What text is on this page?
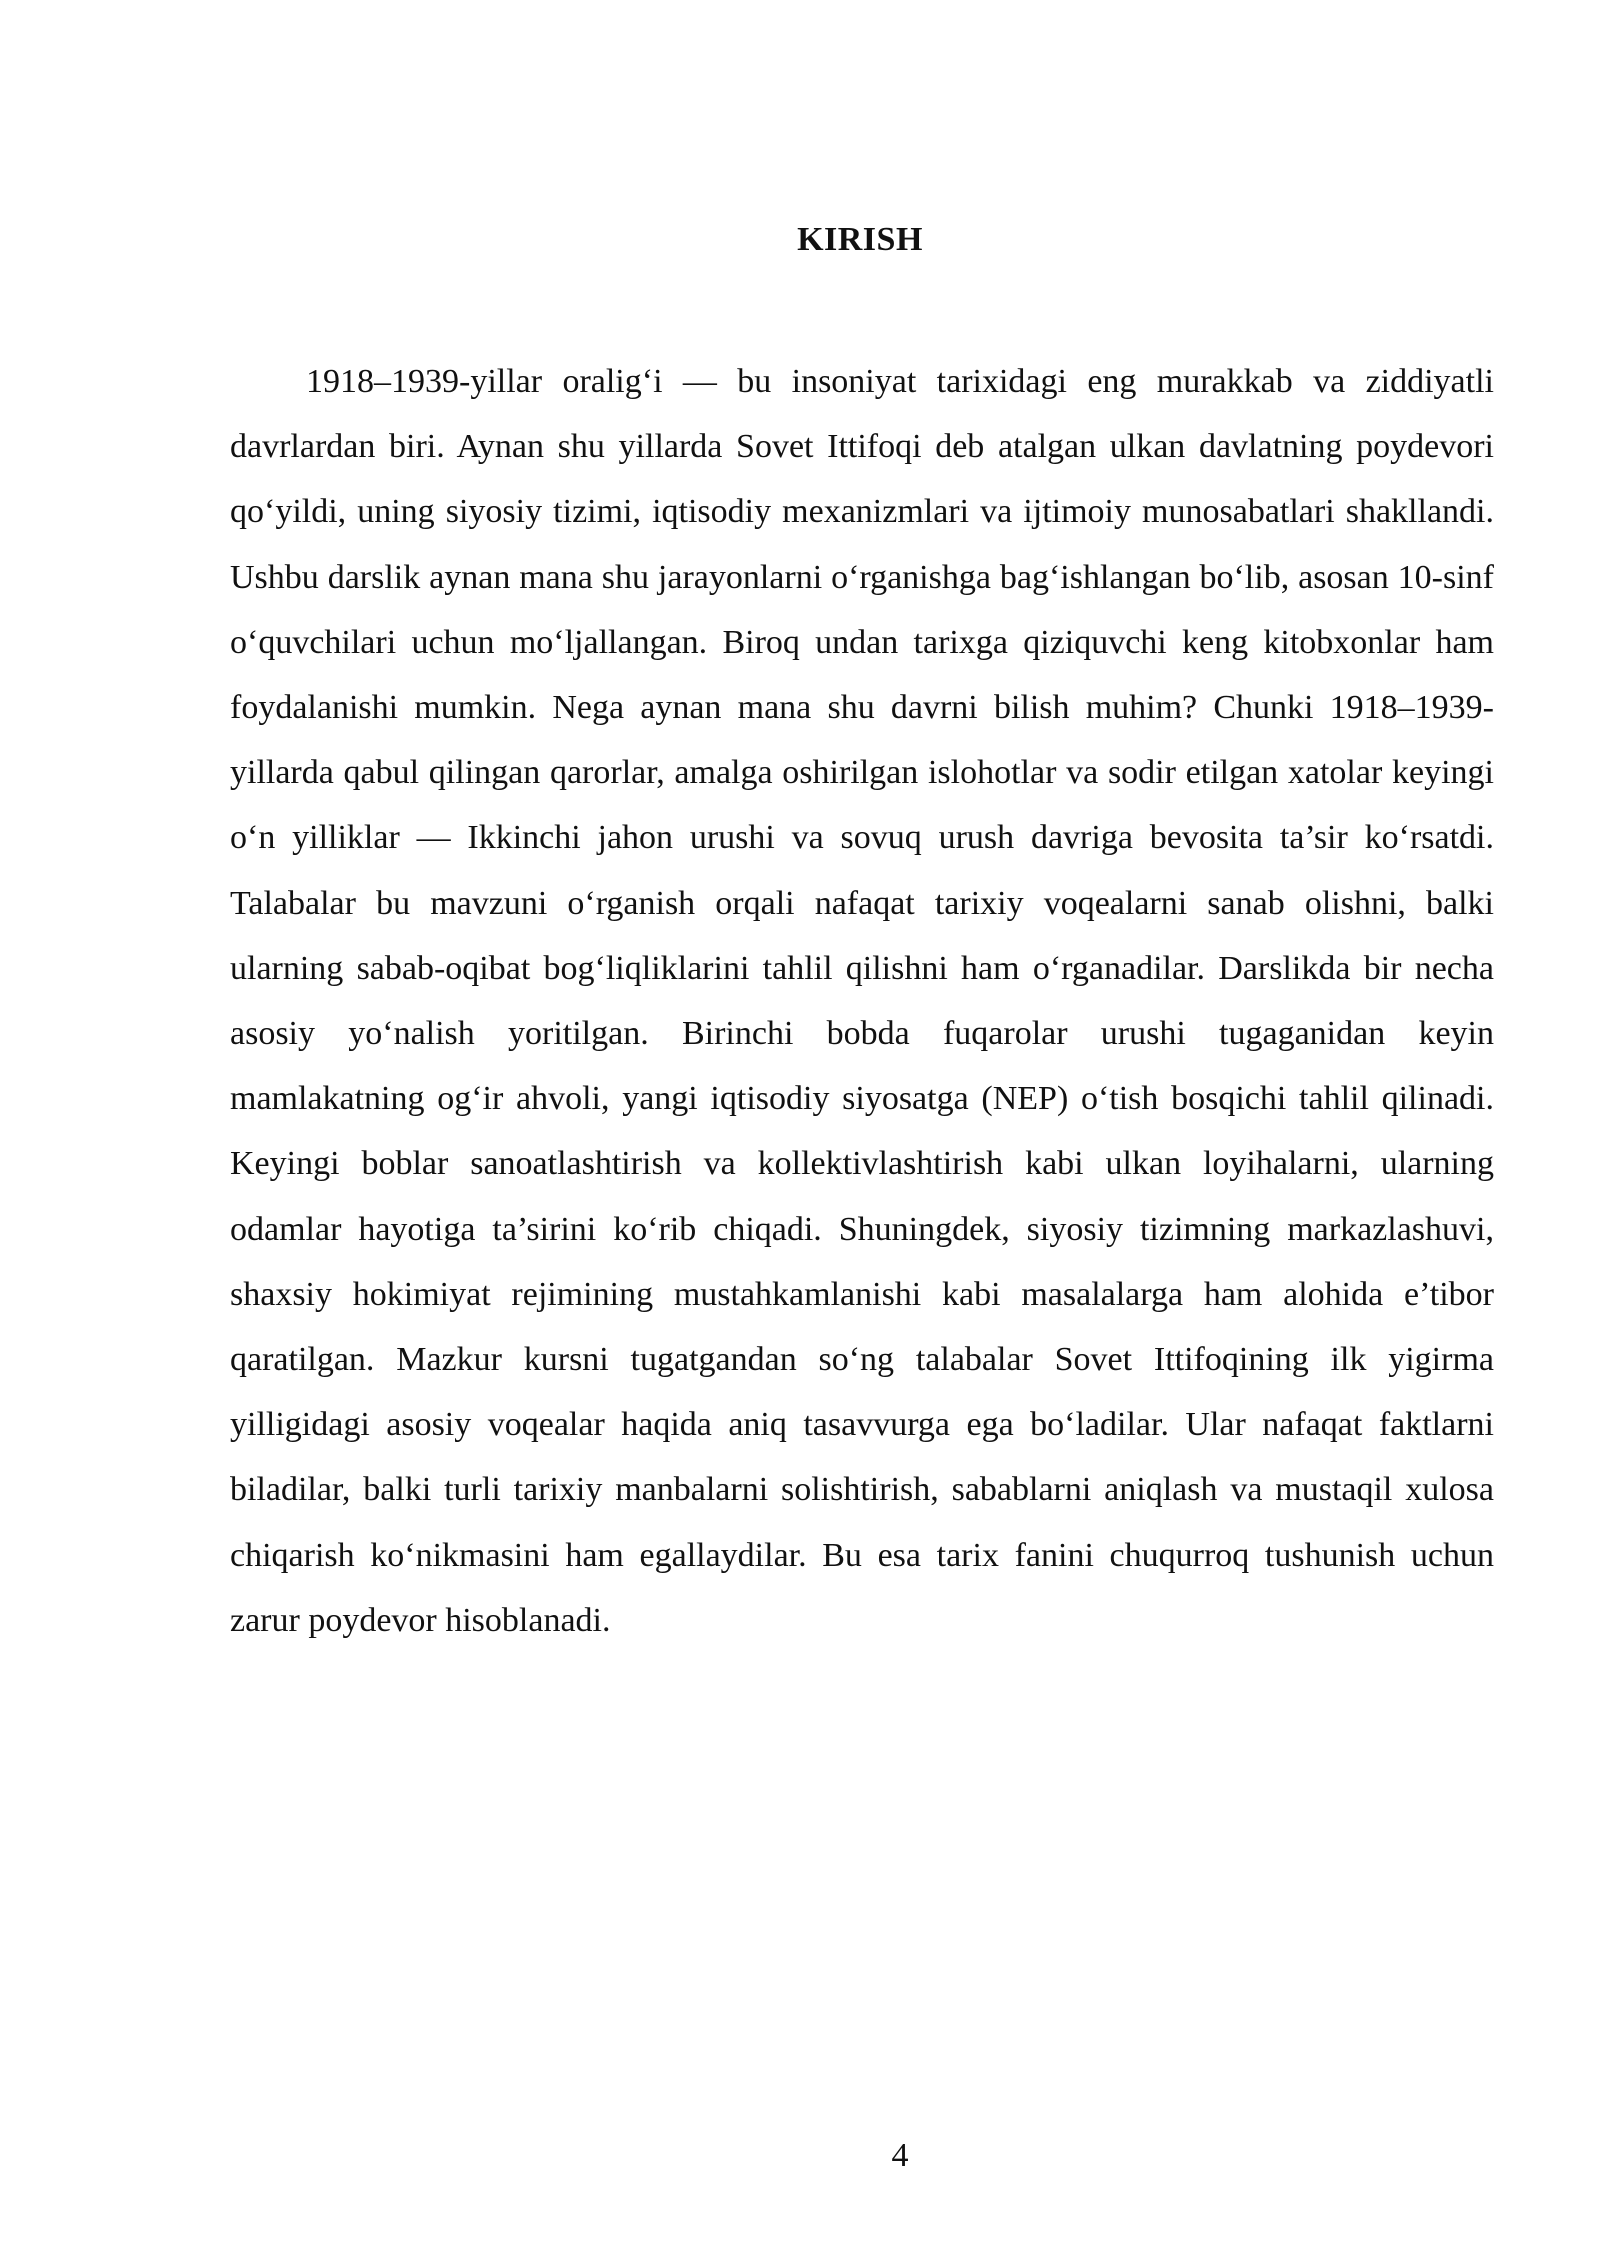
KIRISH

1918–1939-yillar oralig‘i — bu insoniyat tarixidagi eng murakkab va ziddiyatli davrlardan biri. Aynan shu yillarda Sovet Ittifoqi deb atalgan ulkan davlatning poydevori qo‘yildi, uning siyosiy tizimi, iqtisodiy mexanizmlari va ijtimoiy munosabatlari shakllandi. Ushbu darslik aynan mana shu jarayonlarni o‘rganishga bag‘ishlangan bo‘lib, asosan 10-sinf o‘quvchilari uchun mo‘ljallangan. Biroq undan tarixga qiziquvchi keng kitobxonlar ham foydalanishi mumkin. Nega aynan mana shu davrni bilish muhim? Chunki 1918–1939-yillarda qabul qilingan qarorlar, amalga oshirilgan islohotlar va sodir etilgan xatolar keyingi o‘n yilliklar — Ikkinchi jahon urushi va sovuq urush davriga bevosita ta’sir ko‘rsatdi. Talabalar bu mavzuni o‘rganish orqali nafaqat tarixiy voqealarni sanab olishni, balki ularning sabab-oqibat bog‘liqliklarini tahlil qilishni ham o‘rganadilar. Darslikda bir necha asosiy yo‘nalish yoritilgan. Birinchi bobda fuqarolar urushi tugaganidan keyin mamlakatning og‘ir ahvoli, yangi iqtisodiy siyosatga (NEP) o‘tish bosqichi tahlil qilinadi. Keyingi boblar sanoatlashtirish va kollektivlashtirish kabi ulkan loyihalarni, ularning odamlar hayotiga ta’sirini ko‘rib chiqadi. Shuningdek, siyosiy tizimning markazlashuvi, shaxsiy hokimiyat rejimining mustahkamlanishi kabi masalalarga ham alohida e’tibor qaratilgan. Mazkur kursni tugatgandan so‘ng talabalar Sovet Ittifoqining ilk yigirma yilligidagi asosiy voqealar haqida aniq tasavvurga ega bo‘ladilar. Ular nafaqat faktlarni biladilar, balki turli tarixiy manbalarni solishtirish, sabablarni aniqlash va mustaqil xulosa chiqarish ko‘nikmasini ham egallaydilar. Bu esa tarix fanini chuqurroq tushunish uchun zarur poydevor hisoblanadi.

4
